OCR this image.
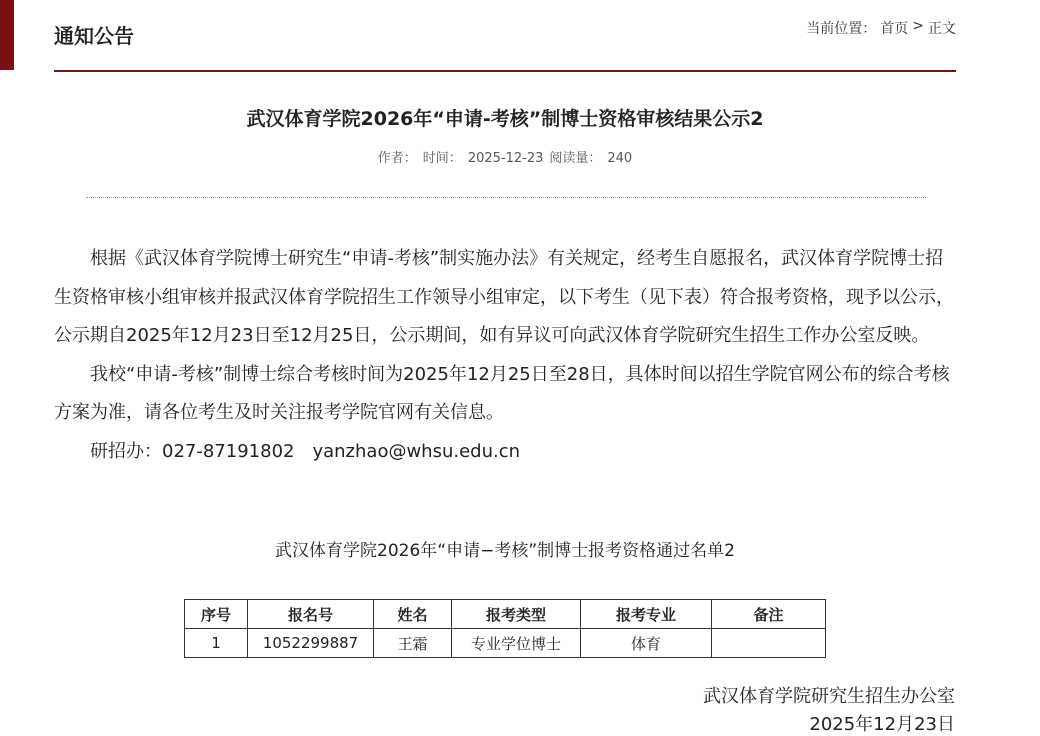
通知公告	当前位置： 首页 > 正文
武汉体育学院2026年“申请-考核”制博士资格审核结果公示2
作者： 时间： 2025-12-23 阅读量： 240

根据《武汉体育学院博士研究生“申请-考核”制实施办法》有关规定，经考生自愿报名，武汉体育学院博士招生资格审核小组审核并报武汉体育学院招生工作领导小组审定，以下考生（见下表）符合报考资格，现予以公示，公示期自2025年12月23日至12月25日，公示期间，如有异议可向武汉体育学院研究生招生工作办公室反映。

我校“申请-考核”制博士综合考核时间为2025年12月25日至28日，具体时间以招生学院官网公布的综合考核方案为准，请各位考生及时关注报考学院官网有关信息。

研招办：027-87191802 yanzhao@whsu.edu.cn

武汉体育学院2026年“申请−考核”制博士报考资格通过名单2
序号	报名号	姓名	报考类型	报考专业	备注
1	1052299887	王霜	专业学位博士	体育	
武汉体育学院研究生招生办公室
2025年12月23日
